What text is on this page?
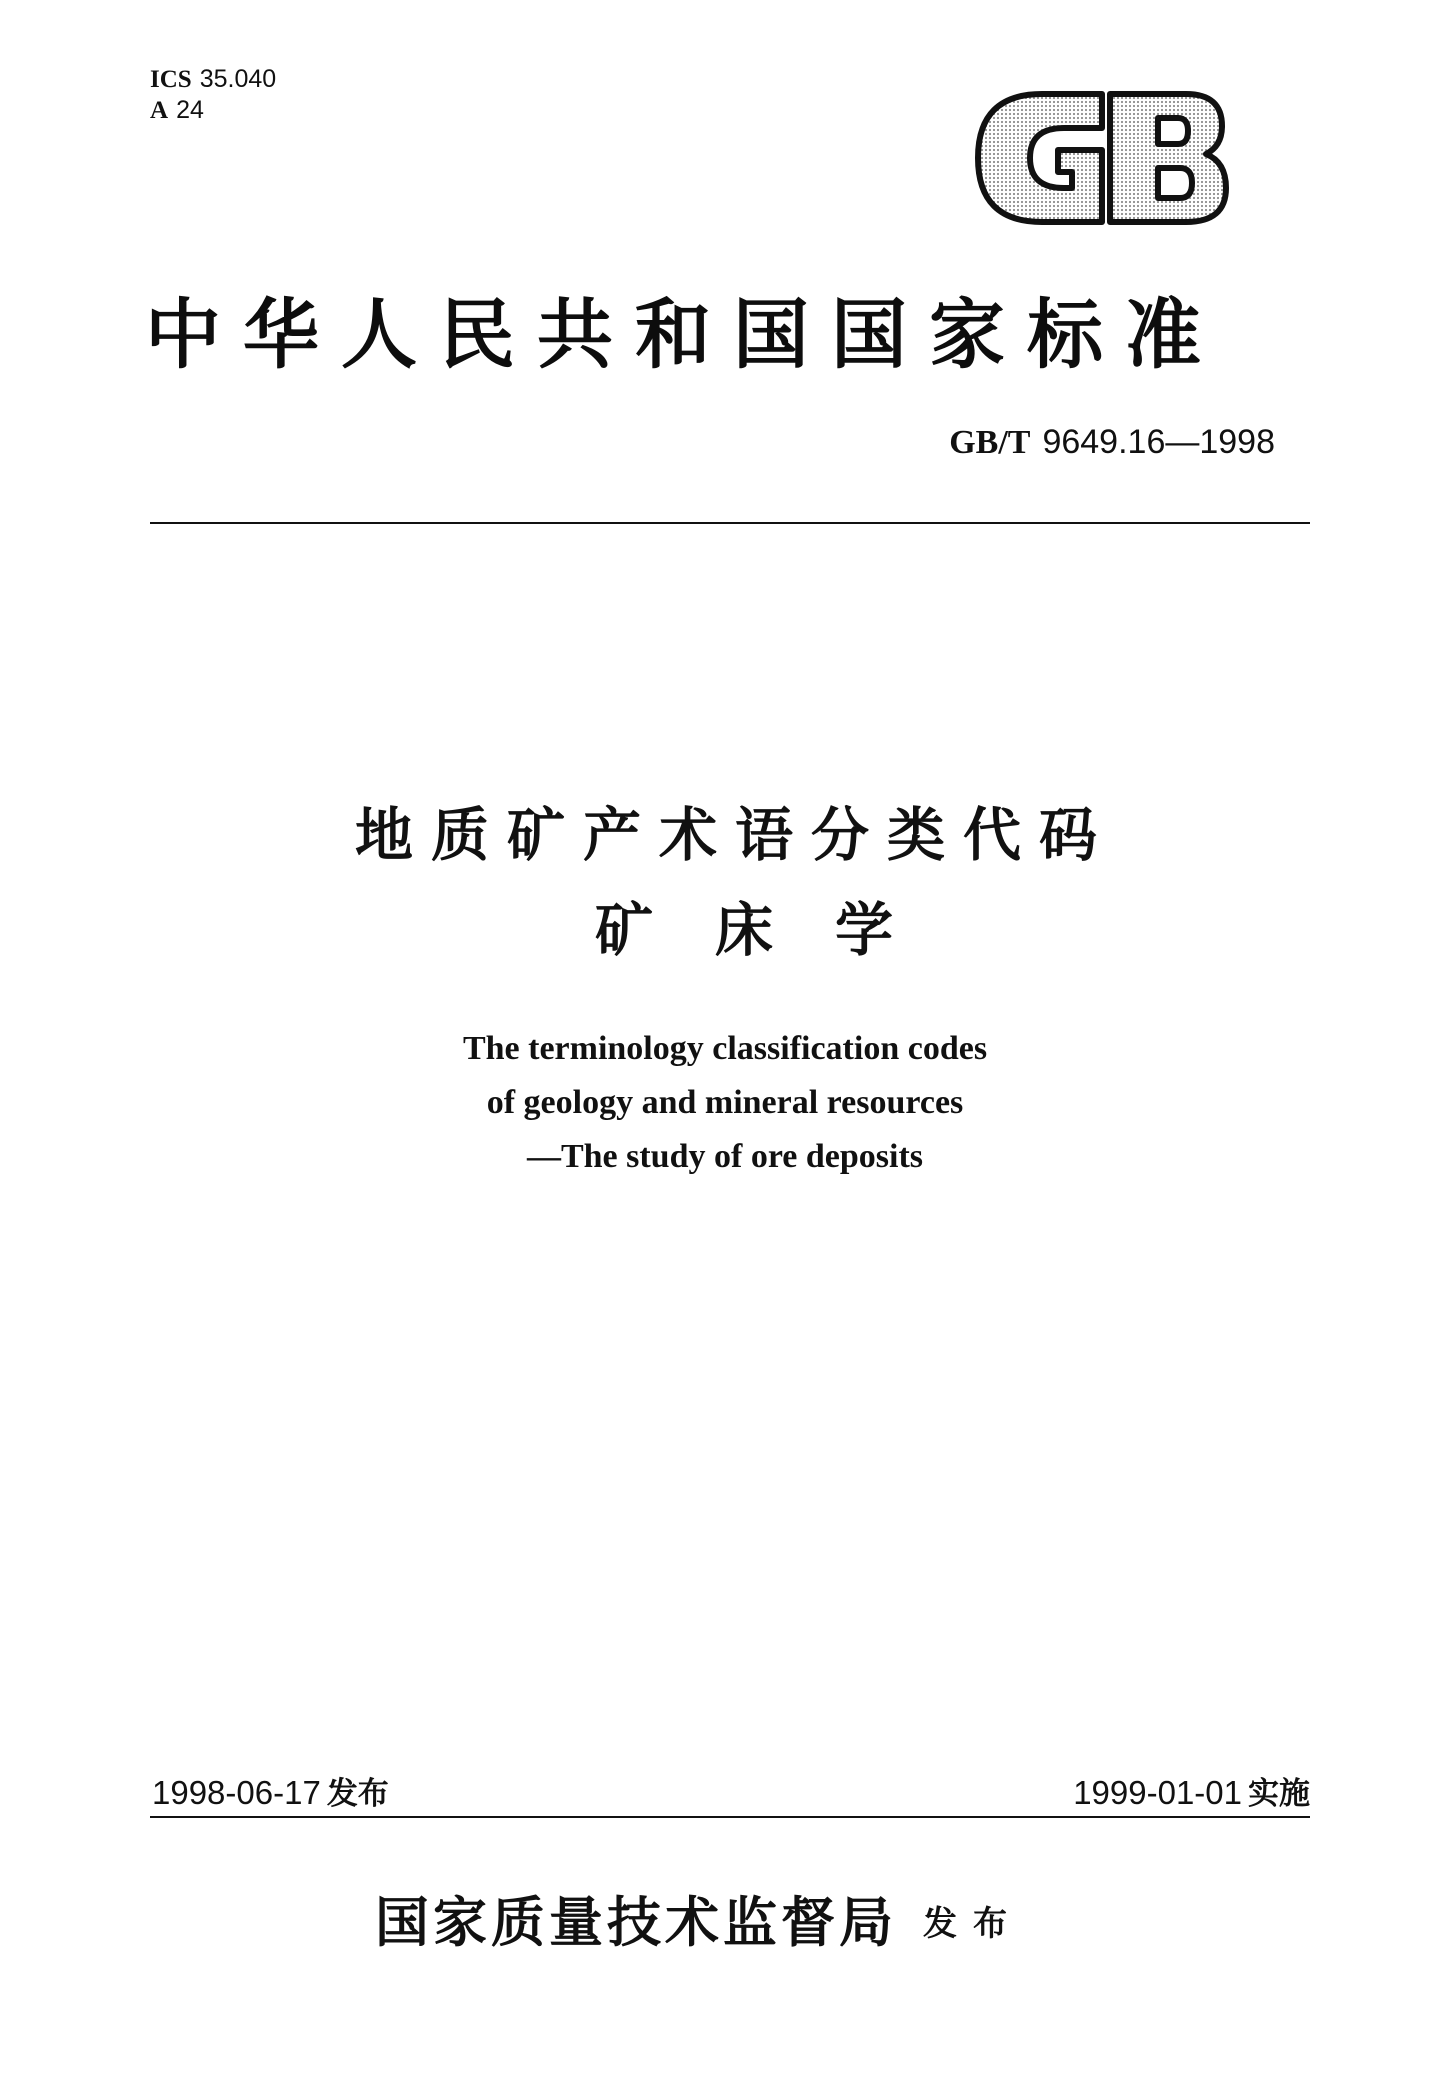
ICS 35.040
A 24
中华人民共和国国家标准
GB/T 9649.16—1998
地质矿产术语分类代码
矿床学
The terminology classification codes
of geology and mineral resources
—The study of ore deposits
1998-06-17 发布	1999-01-01 实施
国家质量技术监督局 发布
